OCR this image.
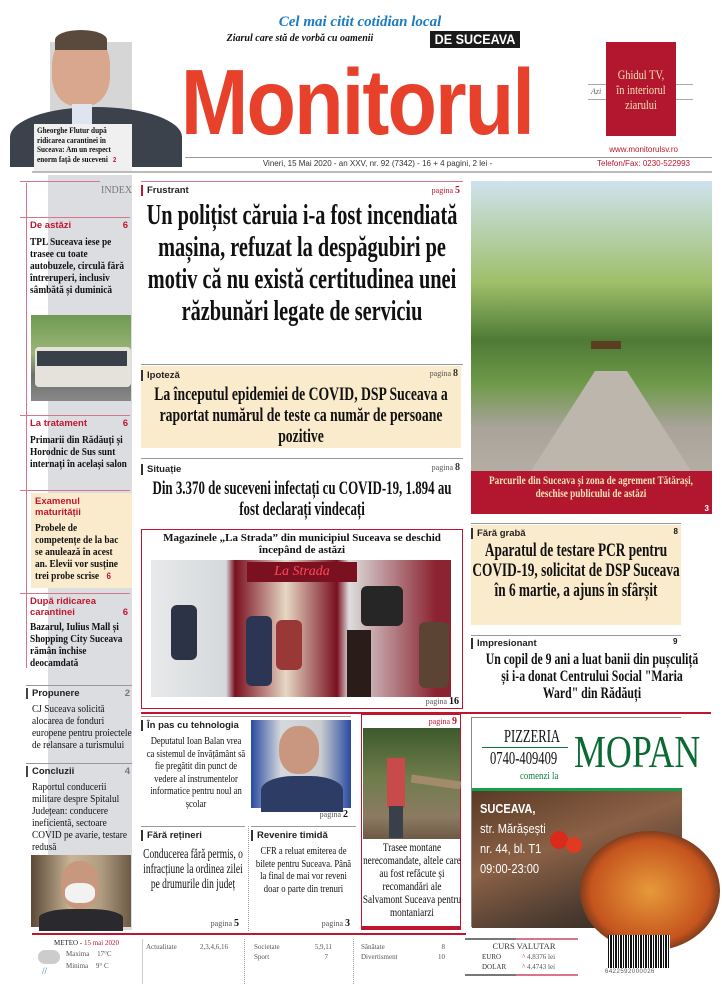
Gheorghe Flutur după ridicarea carantinei în Suceava: Am un respect enorm față de suceveni 2
Cel mai citit cotidian local
Ziarul care stă de vorbă cu oamenii	DE SUCEAVA
Monitorul	Azi
Ghidul TV, în interiorul ziarului
www.monitorulsv.ro
Vineri, 15 Mai 2020 - an XXV, nr. 92 (7342) - 16 + 4 pagini, 2 lei -	Telefon/Fax: 0230-522993
INDEX
De astăzi	6
TPL Suceava iese pe trasee cu toate autobuzele, circulă fără întreruperi, inclusiv sâmbătă și duminică
La tratament	6
Primarii din Rădăuți și Horodnic de Sus sunt internați în același salon
Examenul maturității
Probele de competențe de la bac se anulează în acest an. Elevii vor susține trei probe scrise 6
După ridicarea carantinei	6
Bazarul, Iulius Mall și Shopping City Suceava rămân închise deocamdată
Propunere	2
CJ Suceava solicită alocarea de fonduri europene pentru proiectele de relansare a turismului
Concluzii	4
Raportul conducerii militare despre Spitalul Județean: conducere ineficientă, sectoare COVID pe avarie, testare redusă
Frustrant	pagina 5
Un polițist căruia i-a fost incendiată mașina, refuzat la despăgubiri pe motiv că nu există certitudinea unei răzbunări legate de serviciu
Ipoteză	pagina 8
La începutul epidemiei de COVID, DSP Suceava a raportat numărul de teste ca număr de persoane pozitive
Situație	pagina 8
Din 3.370 de suceveni infectați cu COVID-19, 1.894 au fost declarați vindecați
Magazinele „La Strada” din municipiul Suceava se deschid începând de astăzi
La Strada
pagina 16
În pas cu tehnologia
Deputatul Ioan Balan vrea ca sistemul de învățământ să fie pregătit din punct de vedere al instrumentelor informatice pentru noul an școlar
pagina 2
Fără rețineri
Conducerea fără permis, o infracțiune la ordinea zilei pe drumurile din județ
pagina 5
Revenire timidă
CFR a reluat emiterea de bilete pentru Suceava. Până la final de mai vor reveni doar o parte din trenuri
pagina 3
pagina 9
Trasee montane nerecomandate, altele care au fost refăcute și recomandări ale Salvamont Suceava pentru montaniarzi
Parcurile din Suceava și zona de agrement Tătărași, deschise publicului de astăzi
3
Fără grabă	8
Aparatul de testare PCR pentru COVID-19, solicitat de DSP Suceava în 6 martie, a ajuns în sfârșit
Impresionant	9
Un copil de 9 ani a luat banii din pușculiță și i-a donat Centrului Social "Maria Ward" din Rădăuți
PIZZERIA
0740-409409
comenzi la MOPAN
SUCEAVA,
str. Mărășești
nr. 44, bl. T1
09:00-23:00
METEO - 15 mai 2020
//
Maxima 17°C
Minima 9° C
Actualitate	2,3,4,6,16	Societate	5,9,11
Sport	7
Sănătate	8
Divertisment	10
CURS VALUTAR
EURO	^ 4.8376 lei
DOLAR ^ 4.4743 lei
6422592000026
